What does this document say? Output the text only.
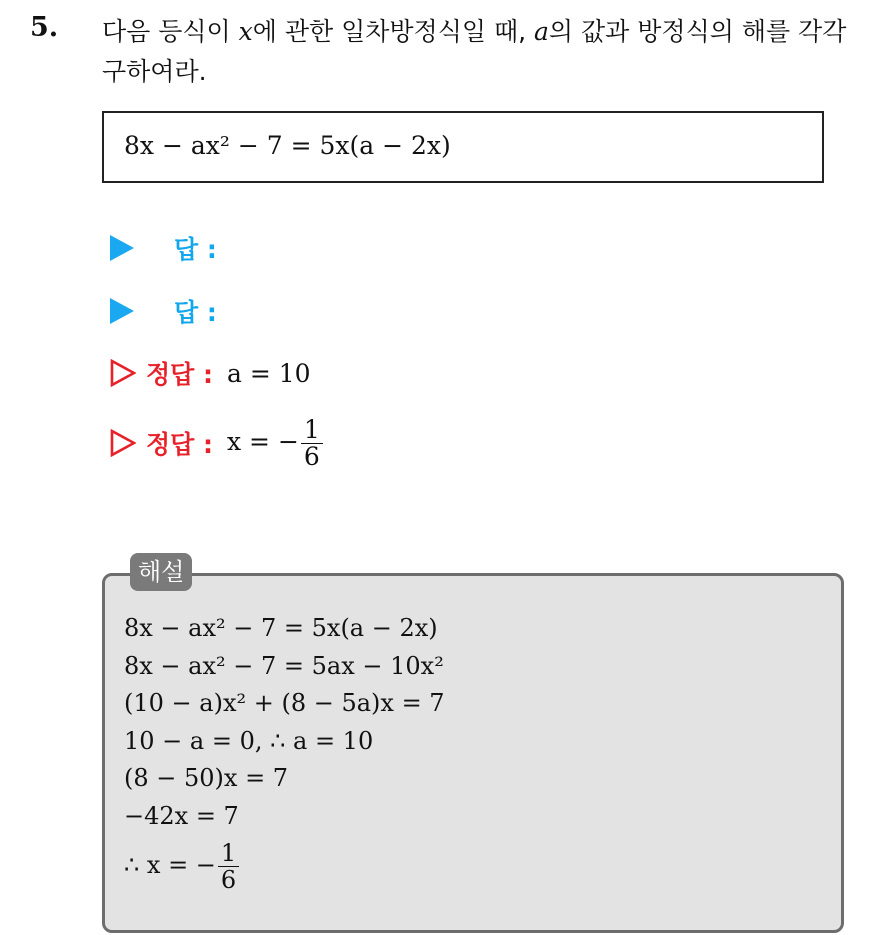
5. 다음 등식이 x에 관한 일차방정식일 때, a의 값과 방정식의 해를 각각
구하여라.
8x − ax² − 7 = 5x(a − 2x)
답 :
답 :
정답 : a = 10
정답 : x = − $\frac{1}{6}$
해설
8x − ax² − 7 = 5x(a − 2x)
8x − ax² − 7 = 5ax − 10x²
(10 − a)x² + (8 − 5a)x = 7
10 − a = 0, ∴ a = 10
(8 − 50)x = 7
−42x = 7
∴ x = − $\frac{1}{6}$
